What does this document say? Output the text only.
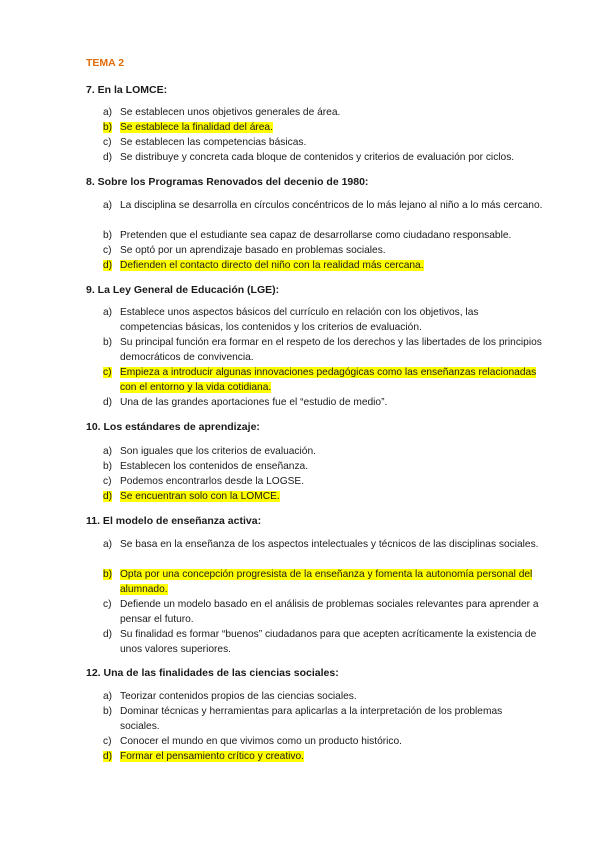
TEMA 2
7. En la LOMCE:
a) Se establecen unos objetivos generales de área.
b) Se establece la finalidad del área.
c) Se establecen las competencias básicas.
d) Se distribuye y concreta cada bloque de contenidos y criterios de evaluación por ciclos.
8. Sobre los Programas Renovados del decenio de 1980:
a) La disciplina se desarrolla en círculos concéntricos de lo más lejano al niño a lo más cercano.
b) Pretenden que el estudiante sea capaz de desarrollarse como ciudadano responsable.
c) Se optó por un aprendizaje basado en problemas sociales.
d) Defienden el contacto directo del niño con la realidad más cercana.
9. La Ley General de Educación (LGE):
a) Establece unos aspectos básicos del currículo en relación con los objetivos, las competencias básicas, los contenidos y los criterios de evaluación.
b) Su principal función era formar en el respeto de los derechos y las libertades de los principios democráticos de convivencia.
c) Empieza a introducir algunas innovaciones pedagógicas como las enseñanzas relacionadas con el entorno y la vida cotidiana.
d) Una de las grandes aportaciones fue el “estudio de medio”.
10. Los estándares de aprendizaje:
a) Son iguales que los criterios de evaluación.
b) Establecen los contenidos de enseñanza.
c) Podemos encontrarlos desde la LOGSE.
d) Se encuentran solo con la LOMCE.
11. El modelo de enseñanza activa:
a) Se basa en la enseñanza de los aspectos intelectuales y técnicos de las disciplinas sociales.
b) Opta por una concepción progresista de la enseñanza y fomenta la autonomía personal del alumnado.
c) Defiende un modelo basado en el análisis de problemas sociales relevantes para aprender a pensar el futuro.
d) Su finalidad es formar “buenos” ciudadanos para que acepten acríticamente la existencia de unos valores superiores.
12. Una de las finalidades de las ciencias sociales:
a) Teorizar contenidos propios de las ciencias sociales.
b) Dominar técnicas y herramientas para aplicarlas a la interpretación de los problemas sociales.
c) Conocer el mundo en que vivimos como un producto histórico.
d) Formar el pensamiento crítico y creativo.
